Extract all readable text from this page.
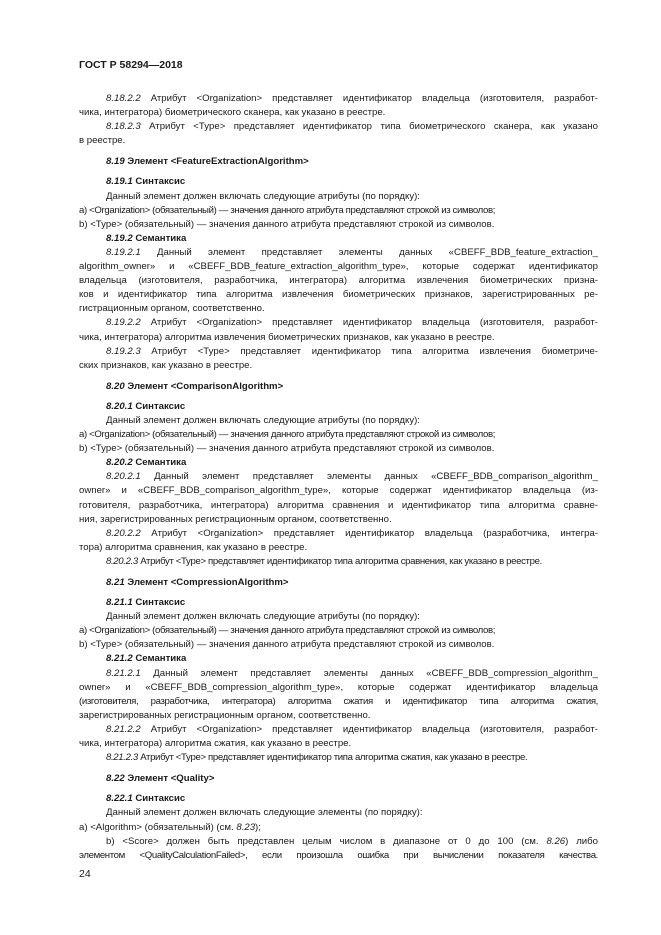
ГОСТ Р 58294—2018

8.18.2.2 Атрибут <Organization> представляет идентификатор владельца (изготовителя, разработ-

чика, интегратора) биометрического сканера, как указано в реестре.

8.18.2.3 Атрибут <Type> представляет идентификатор типа биометрического сканера, как указано

в реестре.

8.19 Элемент <FeatureExtractionAlgorithm>

8.19.1 Синтаксис

Данный элемент должен включать следующие атрибуты (по порядку):

a) <Organization> (обязательный) — значения данного атрибута представляют строкой из символов;

b) <Type> (обязательный) — значения данного атрибута представляют строкой из символов.

8.19.2 Семантика

8.19.2.1 Данный элемент представляет элементы данных «CBEFF_BDB_feature_extraction_

algorithm_owner» и «CBEFF_BDB_feature_extraction_algorithm_type», которые содержат идентификатор

владельца (изготовителя, разработчика, интегратора) алгоритма извлечения биометрических призна-

ков и идентификатор типа алгоритма извлечения биометрических признаков, зарегистрированных ре-

гистрационным органом, соответственно.

8.19.2.2 Атрибут <Organization> представляет идентификатор владельца (изготовителя, разработ-

чика, интегратора) алгоритма извлечения биометрических признаков, как указано в реестре.

8.19.2.3 Атрибут <Type> представляет идентификатор типа алгоритма извлечения биометриче-

ских признаков, как указано в реестре.

8.20 Элемент <ComparisonAlgorithm>

8.20.1 Синтаксис

Данный элемент должен включать следующие атрибуты (по порядку):

a) <Organization> (обязательный) — значения данного атрибута представляют строкой из символов;

b) <Type> (обязательный) — значения данного атрибута представляют строкой из символов.

8.20.2 Семантика

8.20.2.1 Данный элемент представляет элементы данных «CBEFF_BDB_comparison_algorithm_

owner» и «CBEFF_BDB_comparison_algorithm_type», которые содержат идентификатор владельца (из-

готовителя, разработчика, интегратора) алгоритма сравнения и идентификатор типа алгоритма сравне-

ния, зарегистрированных регистрационным органом, соответственно.

8.20.2.2 Атрибут <Organization> представляет идентификатор владельца (разработчика, интегра-

тора) алгоритма сравнения, как указано в реестре.

8.20.2.3 Атрибут <Type> представляет идентификатор типа алгоритма сравнения, как указано в реестре.

8.21 Элемент <CompressionAlgorithm>

8.21.1 Синтаксис

Данный элемент должен включать следующие атрибуты (по порядку):

a) <Organization> (обязательный) — значения данного атрибута представляют строкой из символов;

b) <Type> (обязательный) — значения данного атрибута представляют строкой из символов.

8.21.2 Семантика

8.21.2.1 Данный элемент представляет элементы данных «CBEFF_BDB_compression_algorithm_

owner» и «CBEFF_BDB_compression_algorithm_type», которые содержат идентификатор владельца

(изготовителя, разработчика, интегратора) алгоритма сжатия и идентификатор типа алгоритма сжатия,

зарегистрированных регистрационным органом, соответственно.

8.21.2.2 Атрибут <Organization> представляет идентификатор владельца (изготовителя, разработ-

чика, интегратора) алгоритма сжатия, как указано в реестре.

8.21.2.3 Атрибут <Type> представляет идентификатор типа алгоритма сжатия, как указано в реестре.

8.22 Элемент <Quality>

8.22.1 Синтаксис

Данный элемент должен включать следующие элементы (по порядку):

a) <Algorithm> (обязательный) (см. 8.23);

b) <Score> должен быть представлен целым числом в диапазоне от 0 до 100 (см. 8.26) либо

элементом <QualityCalculationFailed>, если произошла ошибка при вычислении показателя качества.

24
